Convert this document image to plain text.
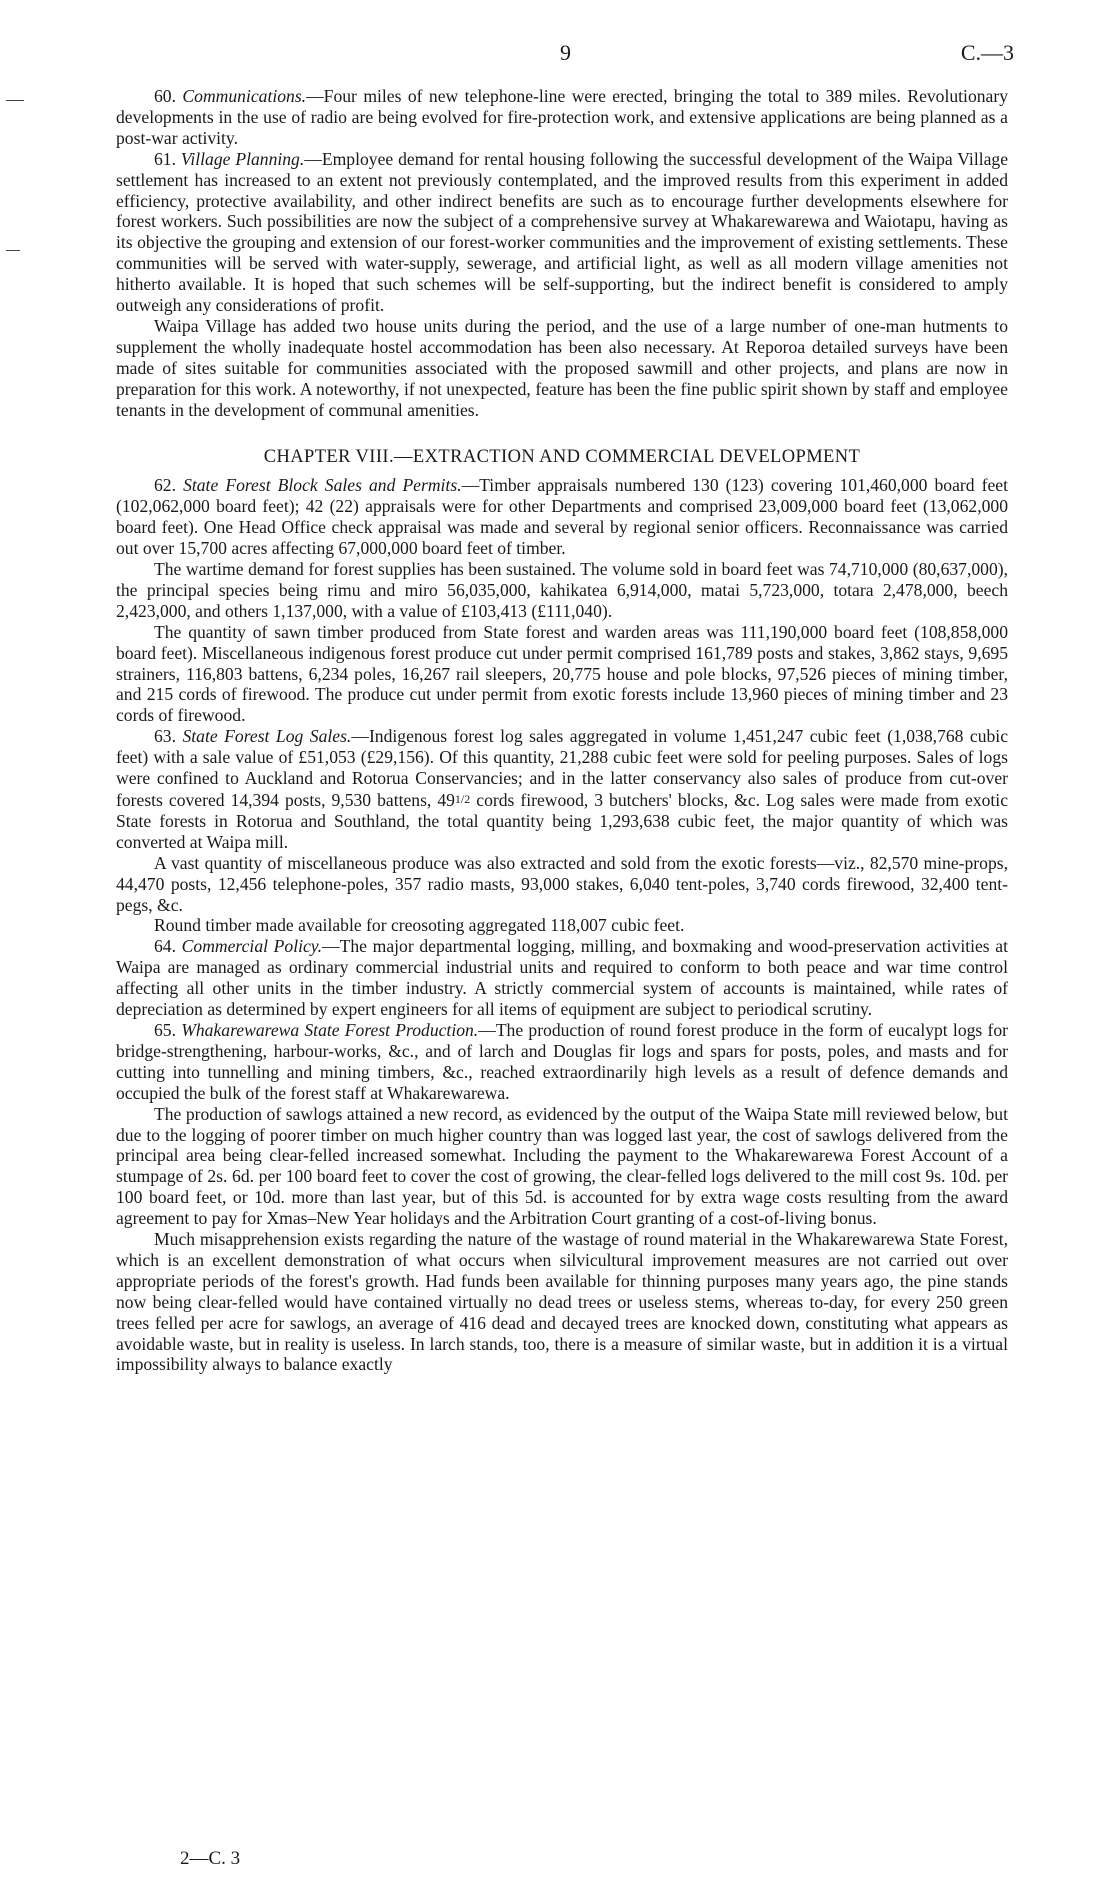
9	C.—3

60. Communications.—Four miles of new telephone-line were erected, bringing the total to 389 miles. Revolutionary developments in the use of radio are being evolved for fire-protection work, and extensive applications are being planned as a post-war activity.

61. Village Planning.—Employee demand for rental housing following the successful development of the Waipa Village settlement has increased to an extent not previously contemplated, and the improved results from this experiment in added efficiency, protective availability, and other indirect benefits are such as to encourage further developments elsewhere for forest workers. Such possibilities are now the subject of a comprehensive survey at Whakarewarewa and Waiotapu, having as its objective the grouping and extension of our forest-worker communities and the improvement of existing settlements. These communities will be served with water-supply, sewerage, and artificial light, as well as all modern village amenities not hitherto available. It is hoped that such schemes will be self-supporting, but the indirect benefit is considered to amply outweigh any considerations of profit.

Waipa Village has added two house units during the period, and the use of a large number of one-man hutments to supplement the wholly inadequate hostel accommodation has been also necessary. At Reporoa detailed surveys have been made of sites suitable for communities associated with the proposed sawmill and other projects, and plans are now in preparation for this work. A noteworthy, if not unexpected, feature has been the fine public spirit shown by staff and employee tenants in the development of communal amenities.

CHAPTER VIII.—EXTRACTION AND COMMERCIAL DEVELOPMENT

62. State Forest Block Sales and Permits.—Timber appraisals numbered 130 (123) covering 101,460,000 board feet (102,062,000 board feet); 42 (22) appraisals were for other Departments and comprised 23,009,000 board feet (13,062,000 board feet). One Head Office check appraisal was made and several by regional senior officers. Reconnaissance was carried out over 15,700 acres affecting 67,000,000 board feet of timber.

The wartime demand for forest supplies has been sustained. The volume sold in board feet was 74,710,000 (80,637,000), the principal species being rimu and miro 56,035,000, kahikatea 6,914,000, matai 5,723,000, totara 2,478,000, beech 2,423,000, and others 1,137,000, with a value of £103,413 (£111,040).

The quantity of sawn timber produced from State forest and warden areas was 111,190,000 board feet (108,858,000 board feet). Miscellaneous indigenous forest produce cut under permit comprised 161,789 posts and stakes, 3,862 stays, 9,695 strainers, 116,803 battens, 6,234 poles, 16,267 rail sleepers, 20,775 house and pole blocks, 97,526 pieces of mining timber, and 215 cords of firewood. The produce cut under permit from exotic forests include 13,960 pieces of mining timber and 23 cords of firewood.

63. State Forest Log Sales.—Indigenous forest log sales aggregated in volume 1,451,247 cubic feet (1,038,768 cubic feet) with a sale value of £51,053 (£29,156). Of this quantity, 21,288 cubic feet were sold for peeling purposes. Sales of logs were confined to Auckland and Rotorua Conservancies; and in the latter conservancy also sales of produce from cut-over forests covered 14,394 posts, 9,530 battens, 491/2 cords firewood, 3 butchers' blocks, &c. Log sales were made from exotic State forests in Rotorua and Southland, the total quantity being 1,293,638 cubic feet, the major quantity of which was converted at Waipa mill.

A vast quantity of miscellaneous produce was also extracted and sold from the exotic forests—viz., 82,570 mine-props, 44,470 posts, 12,456 telephone-poles, 357 radio masts, 93,000 stakes, 6,040 tent-poles, 3,740 cords firewood, 32,400 tent-pegs, &c.

Round timber made available for creosoting aggregated 118,007 cubic feet.

64. Commercial Policy.—The major departmental logging, milling, and boxmaking and wood-preservation activities at Waipa are managed as ordinary commercial industrial units and required to conform to both peace and war time control affecting all other units in the timber industry. A strictly commercial system of accounts is maintained, while rates of depreciation as determined by expert engineers for all items of equipment are subject to periodical scrutiny.

65. Whakarewarewa State Forest Production.—The production of round forest produce in the form of eucalypt logs for bridge-strengthening, harbour-works, &c., and of larch and Douglas fir logs and spars for posts, poles, and masts and for cutting into tunnelling and mining timbers, &c., reached extraordinarily high levels as a result of defence demands and occupied the bulk of the forest staff at Whakarewarewa.

The production of sawlogs attained a new record, as evidenced by the output of the Waipa State mill reviewed below, but due to the logging of poorer timber on much higher country than was logged last year, the cost of sawlogs delivered from the principal area being clear-felled increased somewhat. Including the payment to the Whakarewarewa Forest Account of a stumpage of 2s. 6d. per 100 board feet to cover the cost of growing, the clear-felled logs delivered to the mill cost 9s. 10d. per 100 board feet, or 10d. more than last year, but of this 5d. is accounted for by extra wage costs resulting from the award agreement to pay for Xmas–New Year holidays and the Arbitration Court granting of a cost-of-living bonus.

Much misapprehension exists regarding the nature of the wastage of round material in the Whakarewarewa State Forest, which is an excellent demonstration of what occurs when silvicultural improvement measures are not carried out over appropriate periods of the forest's growth. Had funds been available for thinning purposes many years ago, the pine stands now being clear-felled would have contained virtually no dead trees or useless stems, whereas to-day, for every 250 green trees felled per acre for sawlogs, an average of 416 dead and decayed trees are knocked down, constituting what appears as avoidable waste, but in reality is useless. In larch stands, too, there is a measure of similar waste, but in addition it is a virtual impossibility always to balance exactly

2—C. 3
